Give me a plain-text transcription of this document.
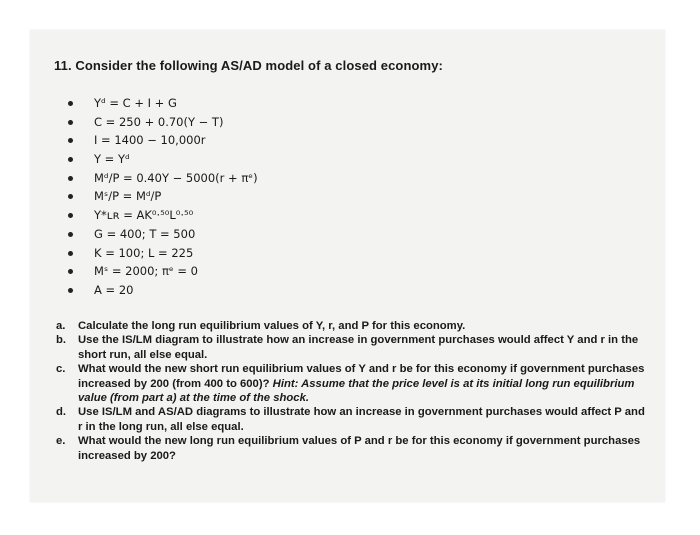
11. Consider the following AS/AD model of a closed economy:
Yᵈ = C + I + G
C = 250 + 0.70(Y − T)
I = 1400 − 10,000r
Y = Yᵈ
Mᵈ/P = 0.40Y − 5000(r + πᵉ)
Mˢ/P = Mᵈ/P
Y*ʟʀ = AK⁰·⁵⁰L⁰·⁵⁰
G = 400; T = 500
K = 100; L = 225
Mˢ = 2000; πᵉ = 0
A = 20
a. Calculate the long run equilibrium values of Y, r, and P for this economy.
b. Use the IS/LM diagram to illustrate how an increase in government purchases would affect Y and r in the short run, all else equal.
c. What would the new short run equilibrium values of Y and r be for this economy if government purchases increased by 200 (from 400 to 600)? Hint: Assume that the price level is at its initial long run equilibrium value (from part a) at the time of the shock.
d. Use IS/LM and AS/AD diagrams to illustrate how an increase in government purchases would affect P and r in the long run, all else equal.
e. What would the new long run equilibrium values of P and r be for this economy if government purchases increased by 200?
